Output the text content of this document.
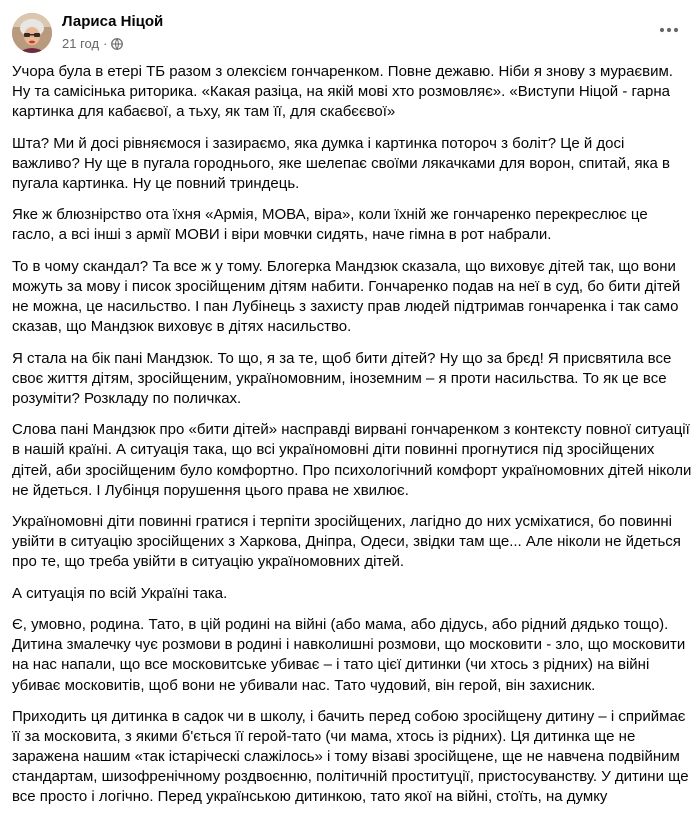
Лариса Ніцой
21 год ·

Учора була в етері ТБ разом з олексієм гончаренком. Повне дежавю. Ніби я знову з мураєвим. Ну та самісінька риторика. «Какая разіца, на якій мові хто розмовляє». «Виступи Ніцой - гарна картинка для кабаєвої, а тьху, як там її, для скабєєвої»

Шта? Ми й досі рівняємося і зазираємо, яка думка і картинка поторoч з болiт? Це й досі важливо? Ну ще в пугала городнього, яке шелепає своїми лякачками для ворон, спитай, яка в пугала картинка. Ну це повний триндець.

Яке ж блюзнірство ота їхня «Армія, МОВА, віра», коли їхній же гончаренко перекреслює це гасло, а всі інші з армії МОВИ і віри мовчки сидять, наче гімна в рот набрали.

То в чому скандал? Та все ж у тому. Блогерка Мандзюк сказала, що виховує дітей так, що вони можуть за мову і писок зросійщеним дітям набити. Гончаренко подав на неї в суд, бо бити дітей не можна, це насильство. І пан Лубінець з захисту прав людей підтримав гончаренка і так само сказав, що Мандзюк виховує в дітях насильство.

Я стала на бік пані Мандзюк. То що, я за те, щоб бити дітей? Ну що за брєд! Я присвятила все своє життя дітям, зросійщеним, україномовним, іноземним – я проти насильства. То як це все розуміти? Розкладу по поличках.

Слова пані Мандзюк про «бити дітей» насправді вирвані гончаренком з контексту повної ситуації в нашій країні. А ситуація така, що всі україномовні діти повинні прогнутися під зросійщених дітей, аби зросійщеним було комфортно. Про психологічний комфорт україномовних дітей ніколи не йдеться. І Лубінця порушення цього права не хвилює.

Україномовні діти повинні гратися і терпіти зросійщених, лагідно до них усміхатися, бо повинні увійти в ситуацію зросійщених з Харкова, Дніпра, Одеси, звідки там ще... Але ніколи не йдеться про те, що треба увійти в ситуацію україномовних дітей.

А ситуація по всій Україні така.

Є, умовно, родина. Тато, в цій родині на війні (або мама, або дідусь, або рідний дядько тощо). Дитина змалечку чує розмови в родині і навколишні розмови, що московити - зло, що московити на нас напали, що все московитське убиває – і тато цієї дитинки (чи хтось з рідних) на війні убиває московитів, щоб вони не убивали нас. Тато чудовий, він герой, він захисник.

Приходить ця дитинка в садок чи в школу, і бачить перед собою зросійщену дитину – і сприймає її за московита, з якими б'ється її герой-тато (чи мама, хтось із рідних). Ця дитинка ще не заражена нашим «так істаріческі слажілось» і тому візаві зросійщене, ще не навчена подвійним стандартам, шизофренічному роздвоєнню, політичній проституції, пристосуванству. У дитини ще все просто і логічно. Перед українською дитинкою, тато якої на війні, стоїть, на думку
